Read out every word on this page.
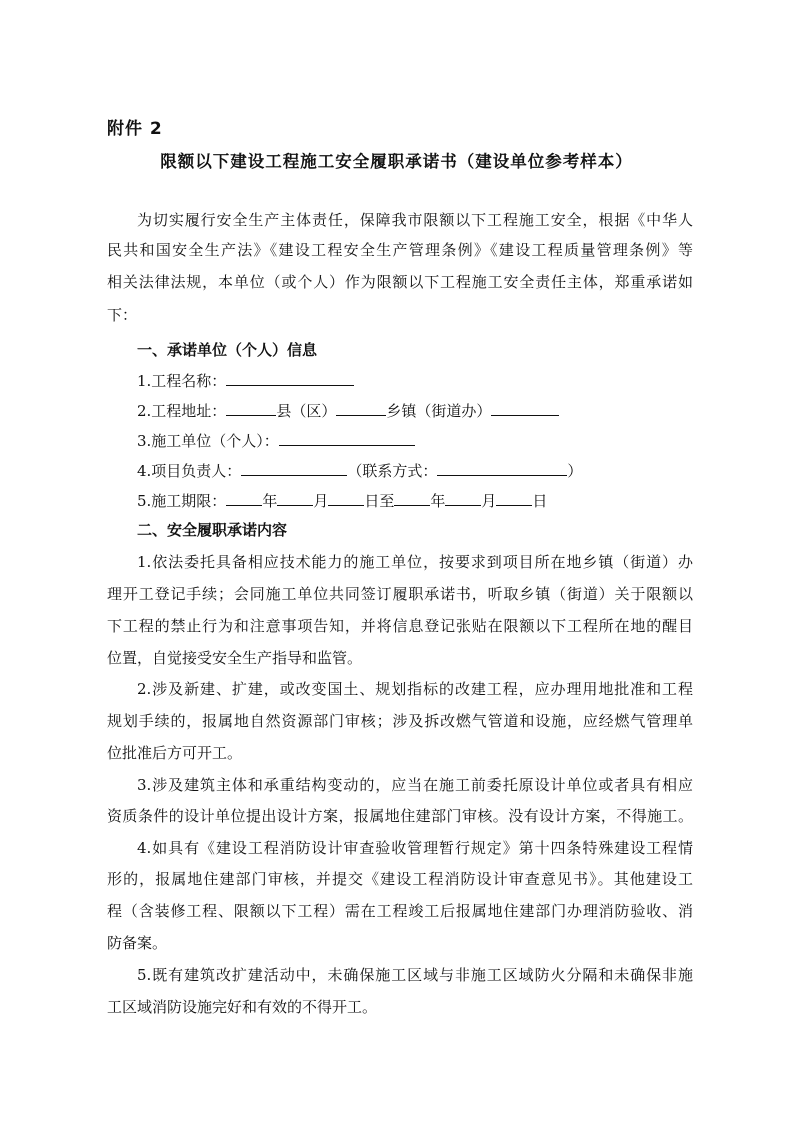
附件 2
限额以下建设工程施工安全履职承诺书（建设单位参考样本）
为切实履行安全生产主体责任，保障我市限额以下工程施工安全，根据《中华人
民共和国安全生产法》《建设工程安全生产管理条例》《建设工程质量管理条例》等
相关法律法规，本单位（或个人）作为限额以下工程施工安全责任主体，郑重承诺如
下：
一、承诺单位（个人）信息
1.工程名称：
2.工程地址：	县（区）	乡镇（街道办）
3.施工单位（个人）：
4.项目负责人：	（联系方式：	）
5.施工期限： 年 月 日至 年 月 日
二、安全履职承诺内容
1.依法委托具备相应技术能力的施工单位，按要求到项目所在地乡镇（街道）办
理开工登记手续；会同施工单位共同签订履职承诺书，听取乡镇（街道）关于限额以
下工程的禁止行为和注意事项告知，并将信息登记张贴在限额以下工程所在地的醒目
位置，自觉接受安全生产指导和监管。
2.涉及新建、扩建，或改变国土、规划指标的改建工程，应办理用地批准和工程
规划手续的，报属地自然资源部门审核；涉及拆改燃气管道和设施，应经燃气管理单
位批准后方可开工。
3.涉及建筑主体和承重结构变动的，应当在施工前委托原设计单位或者具有相应
资质条件的设计单位提出设计方案，报属地住建部门审核。没有设计方案，不得施工。
4.如具有《建设工程消防设计审查验收管理暂行规定》第十四条特殊建设工程情
形的，报属地住建部门审核，并提交《建设工程消防设计审查意见书》。其他建设工
程（含装修工程、限额以下工程）需在工程竣工后报属地住建部门办理消防验收、消
防备案。
5.既有建筑改扩建活动中，未确保施工区域与非施工区域防火分隔和未确保非施
工区域消防设施完好和有效的不得开工。
